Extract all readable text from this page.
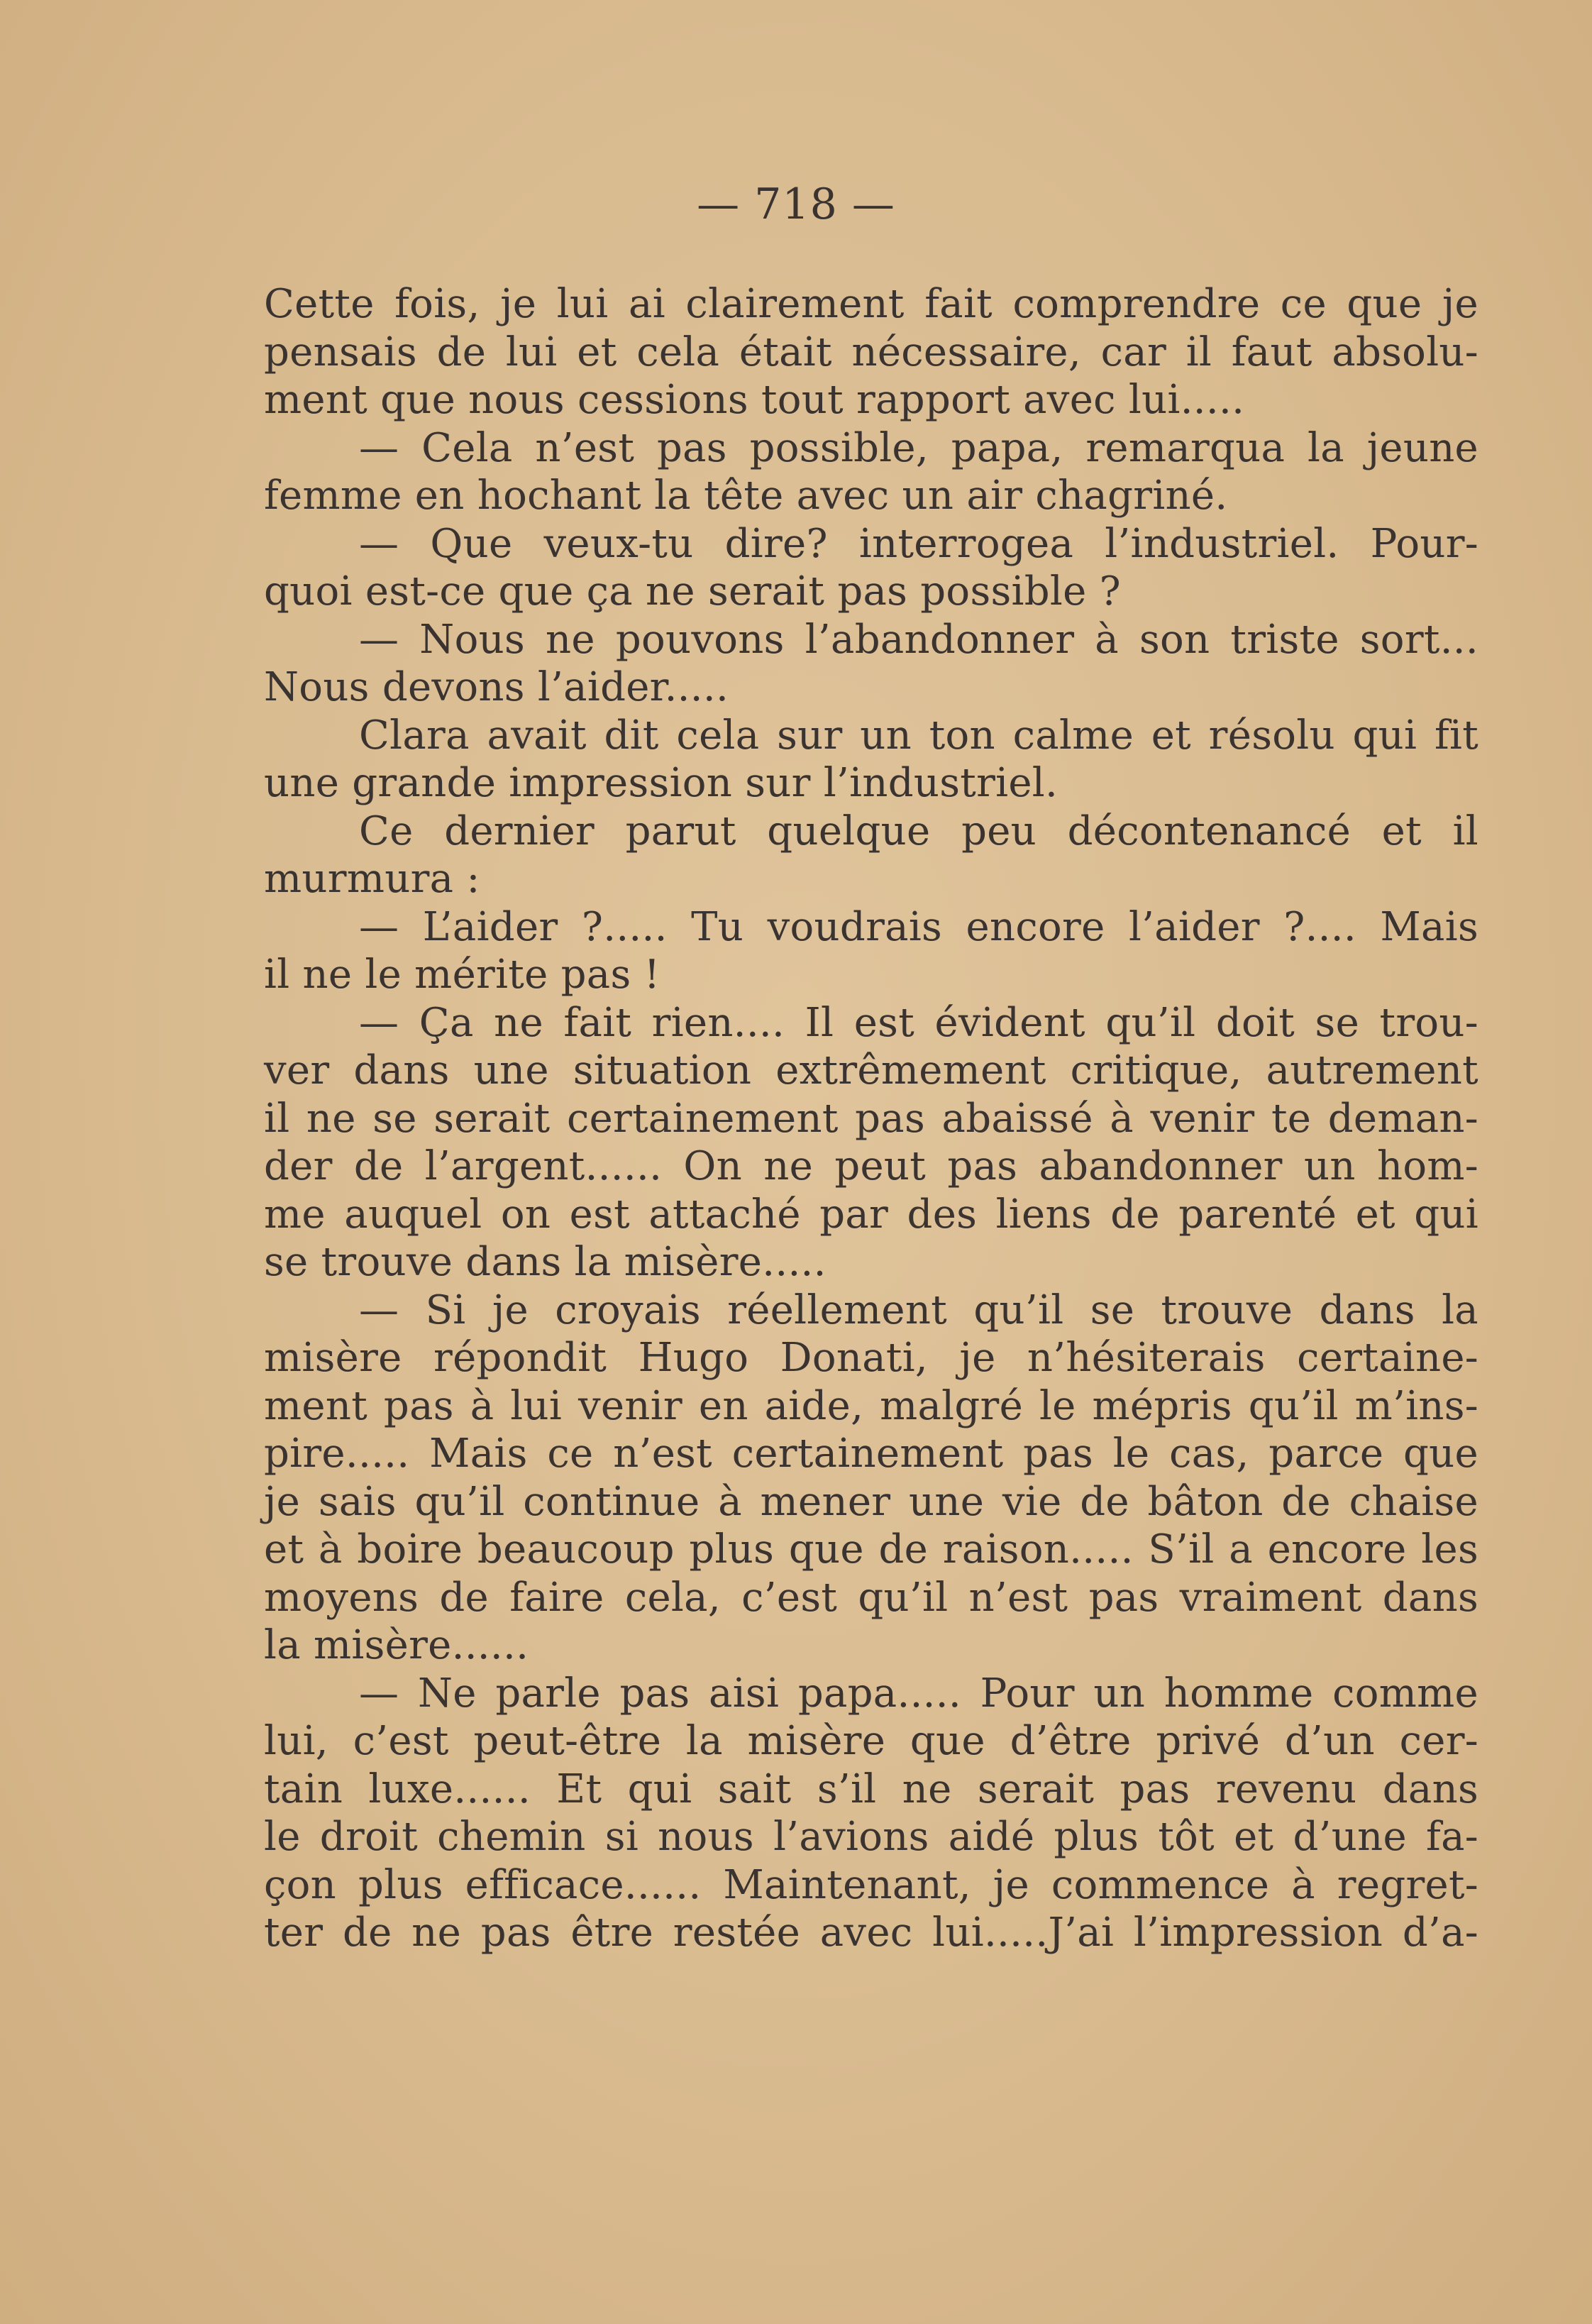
— 718 —
Cette fois, je lui ai clairement fait comprendre ce que je
pensais de lui et cela était nécessaire, car il faut absolu-
ment que nous cessions tout rapport avec lui.....
— Cela n’est pas possible, papa, remarqua la jeune
femme en hochant la tête avec un air chagriné.
— Que veux-tu dire? interrogea l’industriel. Pour-
quoi est-ce que ça ne serait pas possible ?
— Nous ne pouvons l’abandonner à son triste sort...
Nous devons l’aider.....
Clara avait dit cela sur un ton calme et résolu qui fit
une grande impression sur l’industriel.
Ce dernier parut quelque peu décontenancé et il
murmura :
— L’aider ?..... Tu voudrais encore l’aider ?.... Mais
il ne le mérite pas !
— Ça ne fait rien.... Il est évident qu’il doit se trou-
ver dans une situation extrêmement critique, autrement
il ne se serait certainement pas abaissé à venir te deman-
der de l’argent...... On ne peut pas abandonner un hom-
me auquel on est attaché par des liens de parenté et qui
se trouve dans la misère.....
— Si je croyais réellement qu’il se trouve dans la
misère répondit Hugo Donati, je n’hésiterais certaine-
ment pas à lui venir en aide, malgré le mépris qu’il m’ins-
pire..... Mais ce n’est certainement pas le cas, parce que
je sais qu’il continue à mener une vie de bâton de chaise
et à boire beaucoup plus que de raison..... S’il a encore les
moyens de faire cela, c’est qu’il n’est pas vraiment dans
la misère......
— Ne parle pas aisi papa..... Pour un homme comme
lui, c’est peut-être la misère que d’être privé d’un cer-
tain luxe...... Et qui sait s’il ne serait pas revenu dans
le droit chemin si nous l’avions aidé plus tôt et d’une fa-
çon plus efficace...... Maintenant, je commence à regret-
ter de ne pas être restée avec lui.....J’ai l’impression d’a-
